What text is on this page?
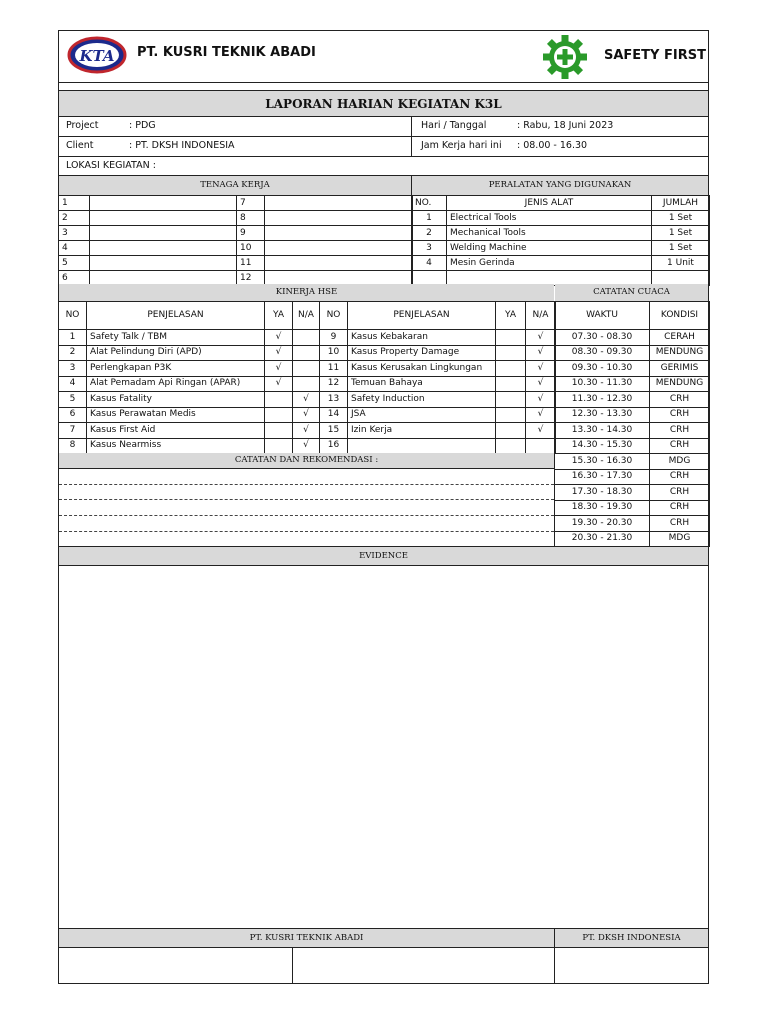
KTA PT. KUSRI TEKNIK ABADI	SAFETY FIRST
LAPORAN HARIAN KEGIATAN K3L
Project	: PDG	Hari / Tanggal	: Rabu, 18 Juni 2023
Client	: PT. DKSH INDONESIA	Jam Kerja hari ini : 08.00 - 16.30
LOKASI KEGIATAN :
TENAGA KERJA	PERALATAN YANG DIGUNAKAN
1		7	
2		8	
3		9	
4		10	
5		11	
6		12	
NO.	JENIS ALAT	JUMLAH
1	Electrical Tools	1 Set
2	Mechanical Tools	1 Set
3	Welding Machine	1 Set
4	Mesin Gerinda	1 Unit

KINERJA HSE	CATATAN CUACA
NO	PENJELASAN	YA	N/A	NO	PENJELASAN	YA	N/A
1	Safety Talk / TBM	√		9	Kasus Kebakaran		√
2	Alat Pelindung Diri (APD)	√		10	Kasus Property Damage		√
3	Perlengkapan P3K	√		11	Kasus Kerusakan Lingkungan		√
4	Alat Pemadam Api Ringan (APAR)	√		12	Temuan Bahaya		√
5	Kasus Fatality		√	13	Safety Induction		√
6	Kasus Perawatan Medis		√	14	JSA		√
7	Kasus First Aid		√	15	Izin Kerja		√
8	Kasus Nearmiss		√	16			
WAKTU	KONDISI
07.30 - 08.30	CERAH
08.30 - 09.30	MENDUNG
09.30 - 10.30	GERIMIS
10.30 - 11.30	MENDUNG
11.30 - 12.30	CRH
12.30 - 13.30	CRH
13.30 - 14.30	CRH
14.30 - 15.30	CRH
15.30 - 16.30	MDG
16.30 - 17.30	CRH
17.30 - 18.30	CRH
18.30 - 19.30	CRH
19.30 - 20.30	CRH
20.30 - 21.30	MDG
CATATAN DAN REKOMENDASI :
EVIDENCE
PT. KUSRI TEKNIK ABADI	PT. DKSH INDONESIA
